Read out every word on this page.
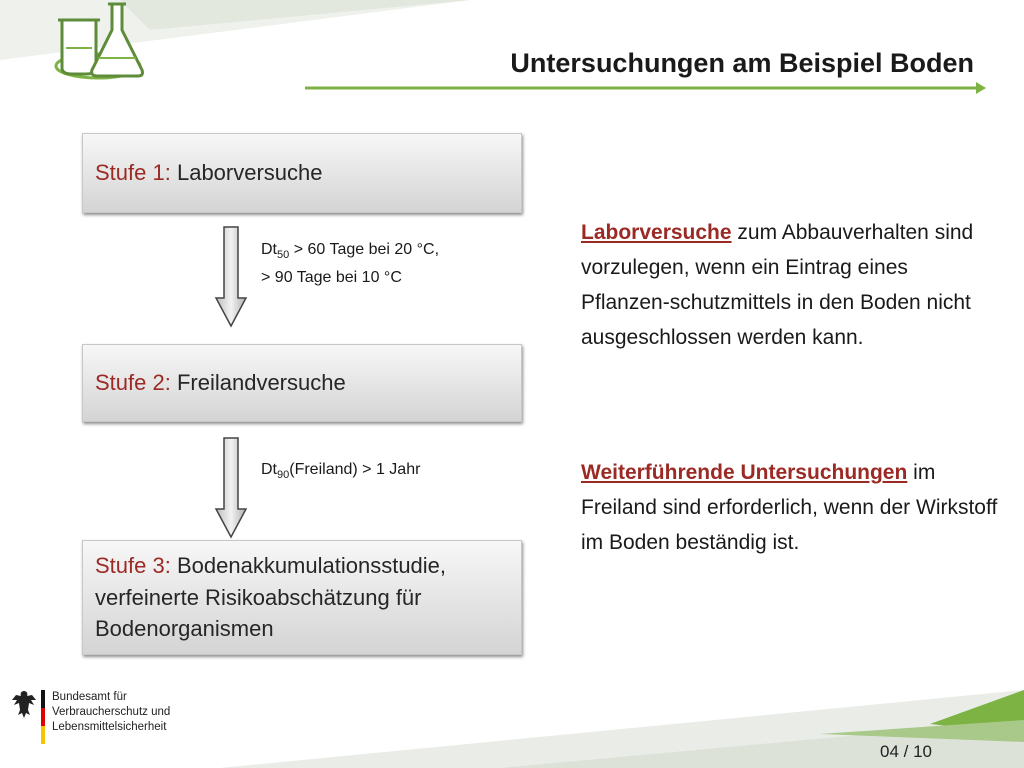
Untersuchungen am Beispiel Boden
Stufe 1: Laborversuche
Stufe 2: Freilandversuche
Stufe 3: Bodenakkumulationsstudie, verfeinerte Risikoabschätzung für Bodenorganismen
$Dt_{50} > 60$ Tage bei 20 °C,
> 90 Tage bei 10 °C
$Dt_{90}(Freiland) > 1$ Jahr
Laborversuche zum Abbauverhalten sind vorzulegen, wenn ein Eintrag eines Pflanzen-schutzmittels in den Boden nicht ausgeschlossen werden kann.
Weiterführende Untersuchungen im Freiland sind erforderlich, wenn der Wirkstoff im Boden beständig ist.
Bundesamt für
Verbraucherschutz und
Lebensmittelsicherheit
04 / 10
